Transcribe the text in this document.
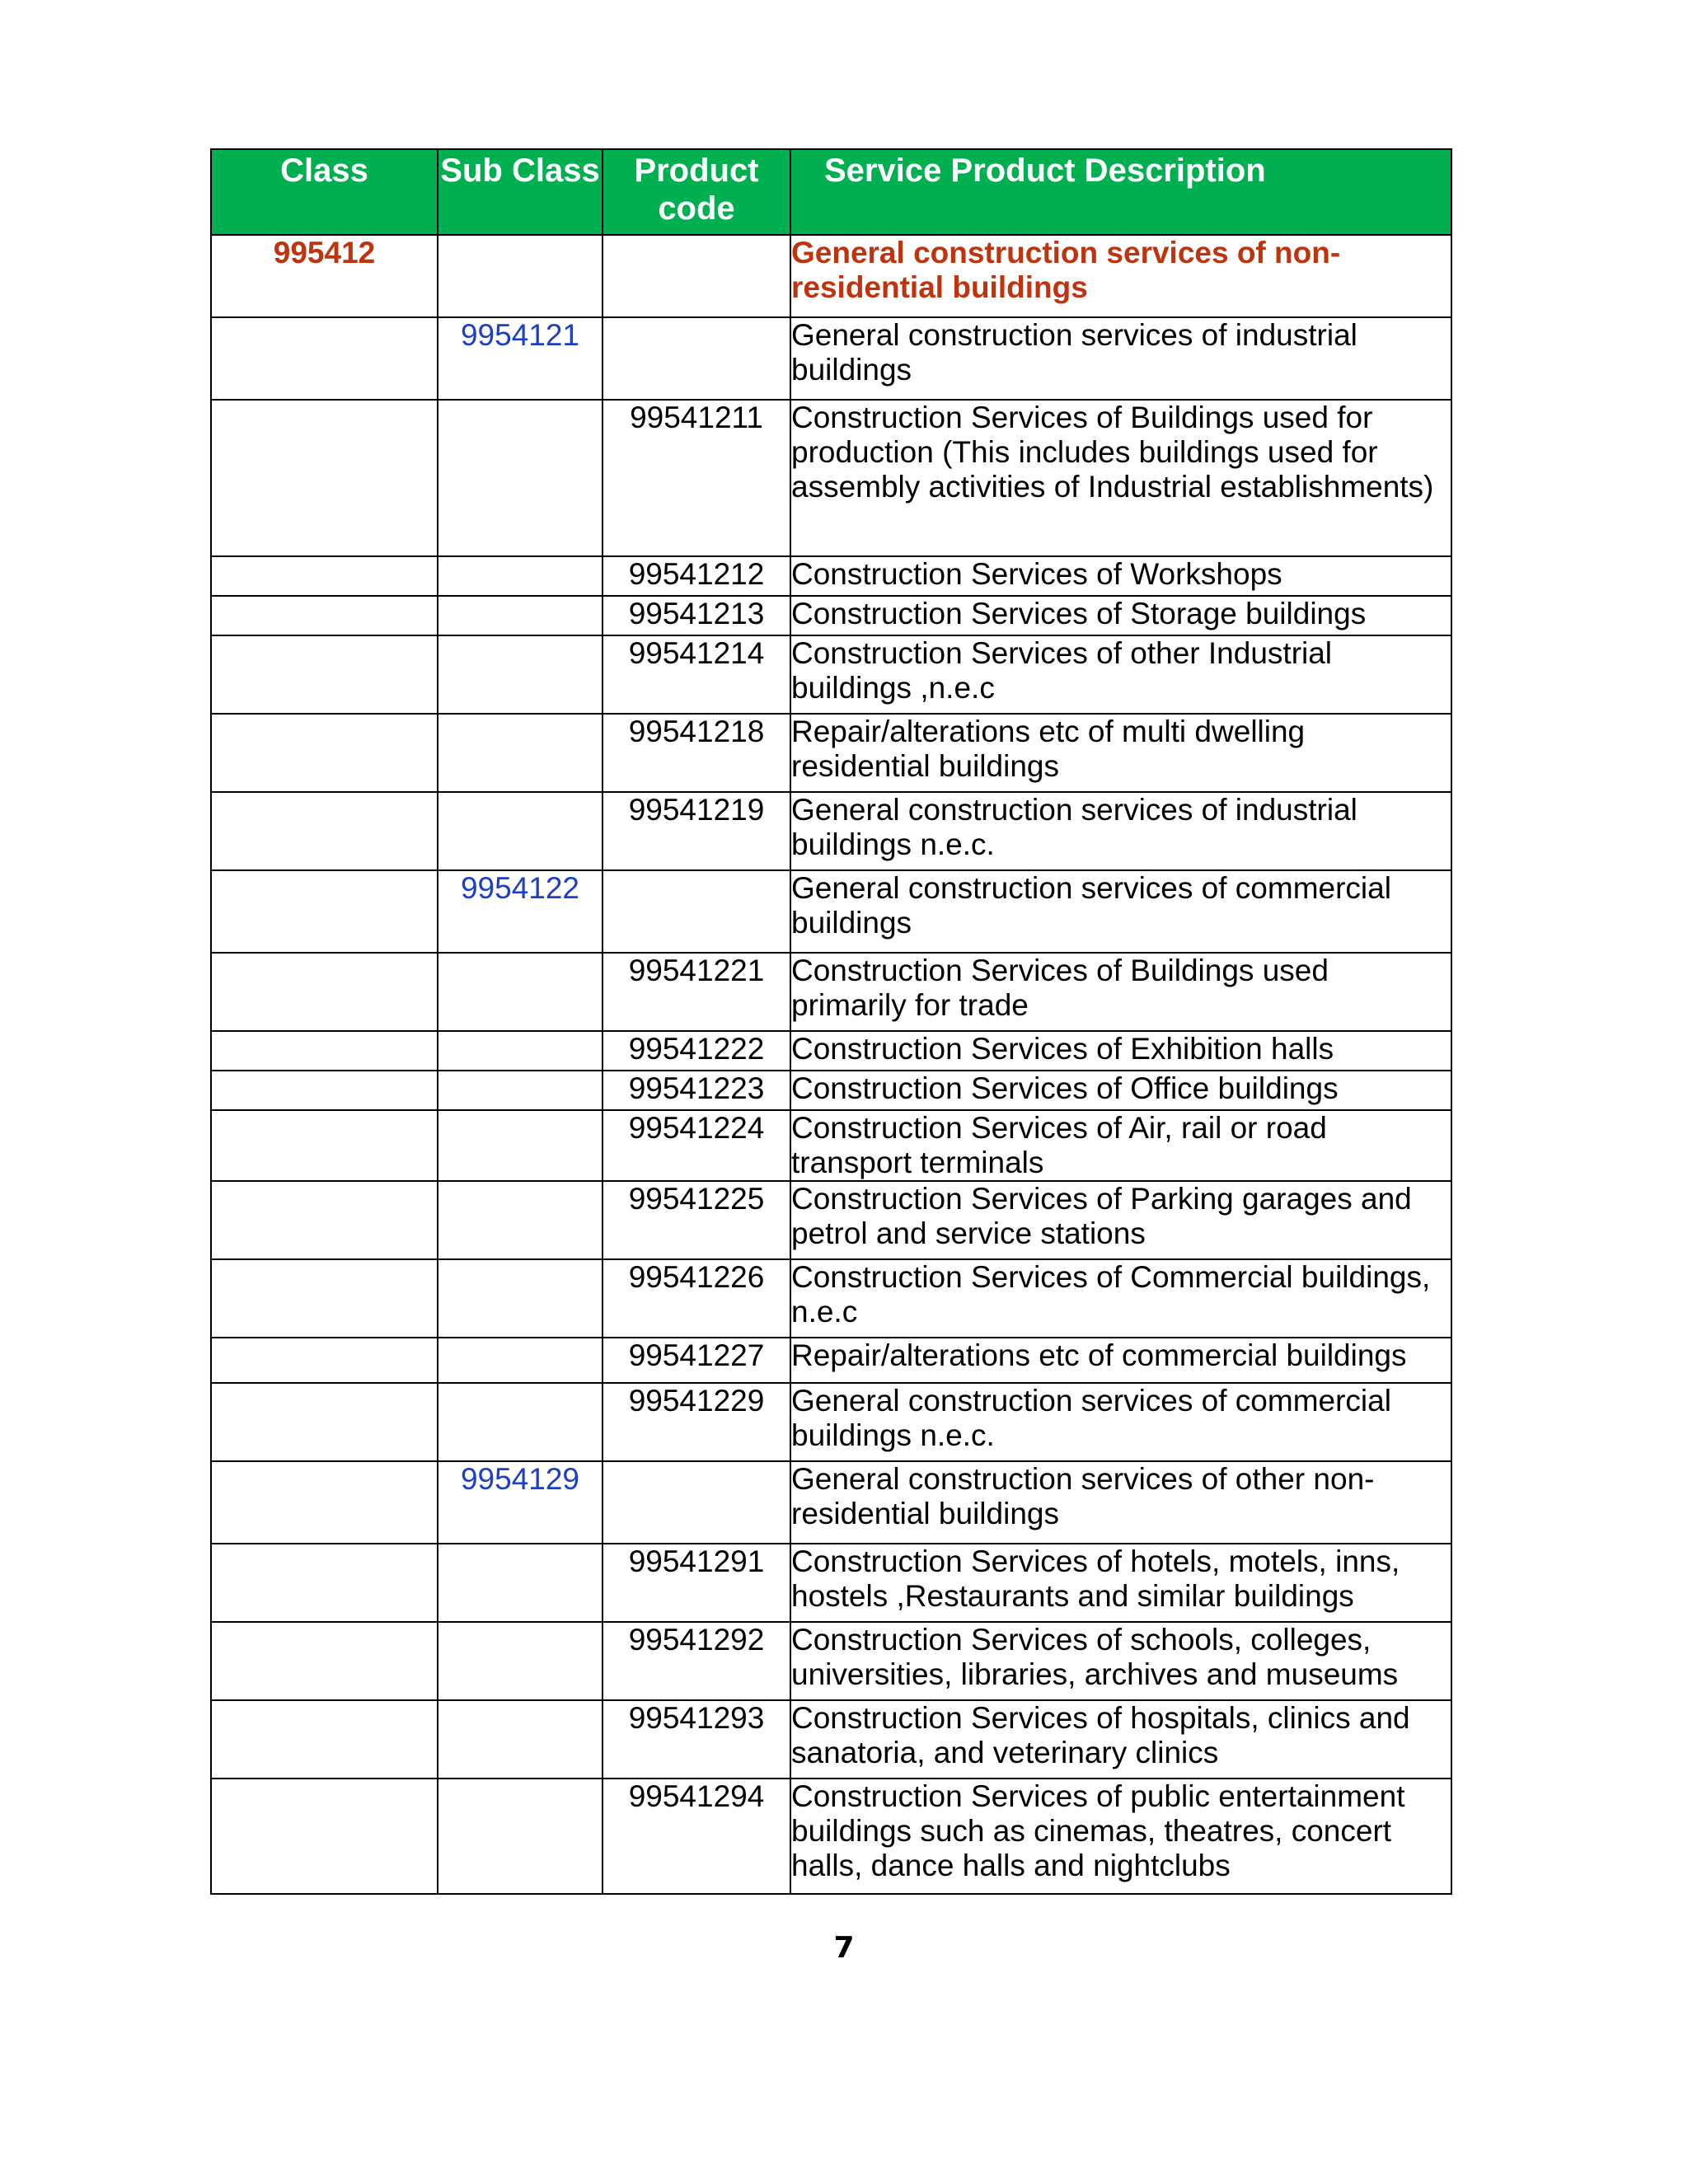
Class	Sub Class	Product code	Service Product Description
995412			General construction services of non-residential buildings
	9954121		General construction services of industrial buildings
		99541211	Construction Services of Buildings used for production (This includes buildings used for assembly activities of Industrial establishments)
		99541212	Construction Services of Workshops
		99541213	Construction Services of Storage buildings
		99541214	Construction Services of other Industrial buildings ,n.e.c
		99541218	Repair/alterations etc of multi dwelling residential buildings
		99541219	General construction services of industrial buildings n.e.c.
	9954122		General construction services of commercial buildings
		99541221	Construction Services of Buildings used primarily for trade
		99541222	Construction Services of Exhibition halls
		99541223	Construction Services of Office buildings
		99541224	Construction Services of Air, rail or road transport terminals
		99541225	Construction Services of Parking garages and petrol and service stations
		99541226	Construction Services of Commercial buildings, n.e.c
		99541227	Repair/alterations etc of commercial buildings
		99541229	General construction services of commercial buildings n.e.c.
	9954129		General construction services of other non-residential buildings
		99541291	Construction Services of hotels, motels, inns, hostels ,Restaurants and similar buildings
		99541292	Construction Services of schools, colleges, universities, libraries, archives and museums
		99541293	Construction Services of hospitals, clinics and sanatoria, and veterinary clinics
		99541294	Construction Services of public entertainment buildings such as cinemas, theatres, concert halls, dance halls and nightclubs
7
